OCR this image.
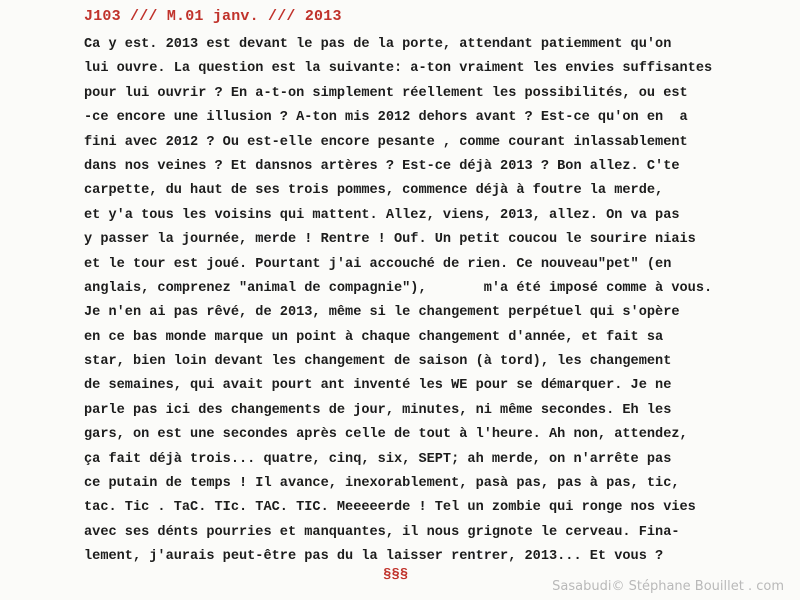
J103 /// M.01 janv. /// 2013
Ca y est. 2013 est devant le pas de la porte, attendant patiemment qu'on
lui ouvre. La question est la suivante: a-ton vraiment les envies suffisantes
pour lui ouvrir ? En a-t-on simplement réellement les possibilités, ou est
-ce encore une illusion ? A-ton mis 2012 dehors avant ? Est-ce qu'on en  a
fini avec 2012 ? Ou est-elle encore pesante , comme courant inlassablement
dans nos veines ? Et dansnos artères ? Est-ce déjà 2013 ? Bon allez. C'te
carpette, du haut de ses trois pommes, commence déjà à foutre la merde,
et y'a tous les voisins qui mattent. Allez, viens, 2013, allez. On va pas
y passer la journée, merde ! Rentre ! Ouf. Un petit coucou le sourire niais
et le tour est joué. Pourtant j'ai accouché de rien. Ce nouveau"pet" (en
anglais, comprenez "animal de compagnie"),       m'a été imposé comme à vous.
Je n'en ai pas rêvé, de 2013, même si le changement perpétuel qui s'opère
en ce bas monde marque un point à chaque changement d'année, et fait sa
star, bien loin devant les changement de saison (à tord), les changement
de semaines, qui avait pourt ant inventé les WE pour se démarquer. Je ne
parle pas ici des changements de jour, minutes, ni même secondes. Eh les
gars, on est une secondes après celle de tout à l'heure. Ah non, attendez,
ça fait déjà trois... quatre, cinq, six, SEPT; ah merde, on n'arrête pas
ce putain de temps ! Il avance, inexorablement, pasà pas, pas à pas, tic,
tac. Tic . TaC. TIc. TAC. TIC. Meeeeerde ! Tel un zombie qui ronge nos vies
avec ses dénts pourries et manquantes, il nous grignote le cerveau. Fina-
lement, j'aurais peut-être pas du la laisser rentrer, 2013... Et vous ?
§§§
Sasabudi© Stéphane Bouillet . com
